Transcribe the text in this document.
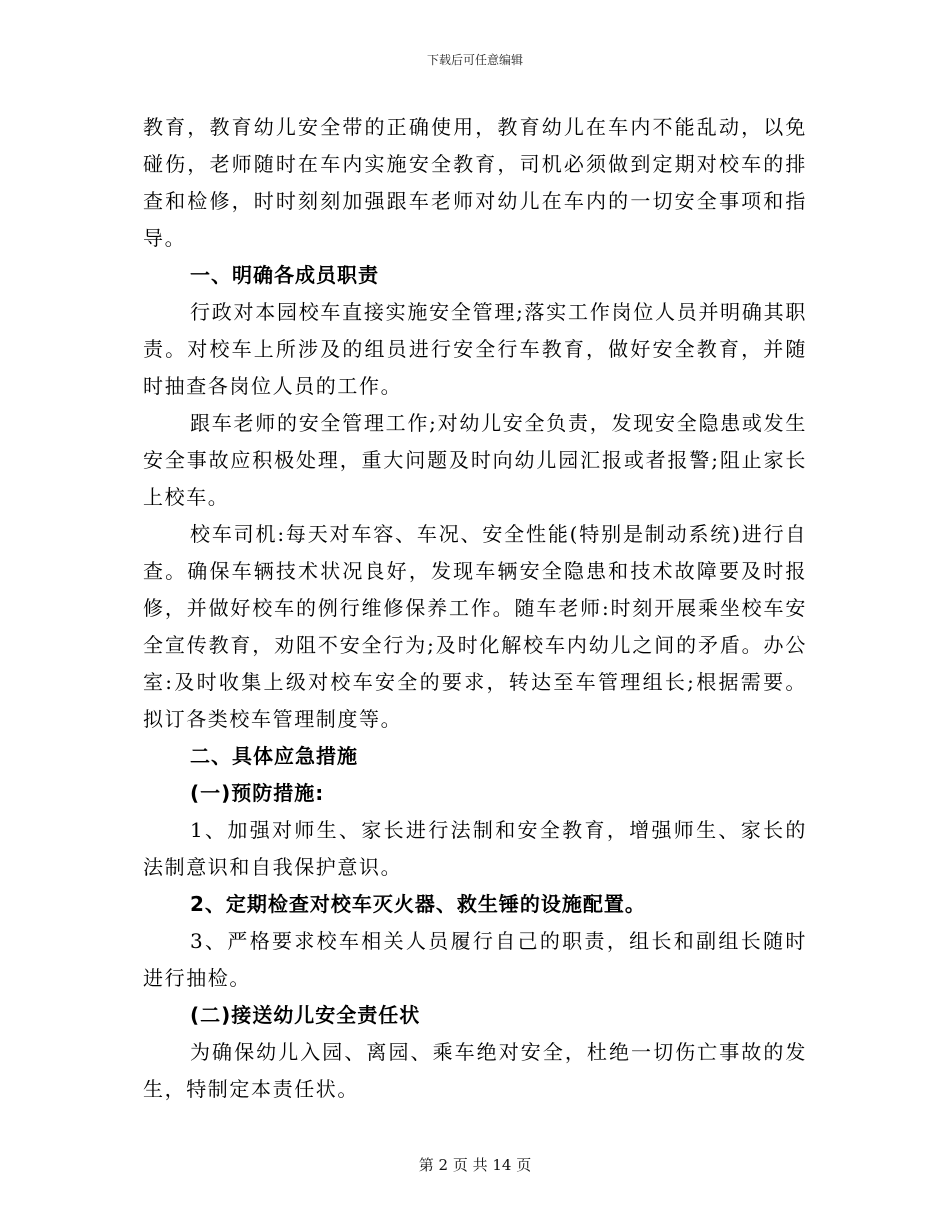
下载后可任意编辑

教育，教育幼儿安全带的正确使用，教育幼儿在车内不能乱动，以免碰伤，老师随时在车内实施安全教育，司机必须做到定期对校车的排查和检修，时时刻刻加强跟车老师对幼儿在车内的一切安全事项和指导。

一、明确各成员职责

行政对本园校车直接实施安全管理;落实工作岗位人员并明确其职责。对校车上所涉及的组员进行安全行车教育，做好安全教育，并随时抽查各岗位人员的工作。

跟车老师的安全管理工作;对幼儿安全负责，发现安全隐患或发生安全事故应积极处理，重大问题及时向幼儿园汇报或者报警;阻止家长上校车。

校车司机:每天对车容、车况、安全性能(特别是制动系统)进行自查。确保车辆技术状况良好，发现车辆安全隐患和技术故障要及时报修，并做好校车的例行维修保养工作。随车老师:时刻开展乘坐校车安全宣传教育，劝阻不安全行为;及时化解校车内幼儿之间的矛盾。办公室:及时收集上级对校车安全的要求，转达至车管理组长;根据需要。拟订各类校车管理制度等。

二、具体应急措施

(一)预防措施:

1、加强对师生、家长进行法制和安全教育，增强师生、家长的法制意识和自我保护意识。

2、定期检查对校车灭火器、救生锤的设施配置。

3、严格要求校车相关人员履行自己的职责，组长和副组长随时进行抽检。

(二)接送幼儿安全责任状

为确保幼儿入园、离园、乘车绝对安全，杜绝一切伤亡事故的发生，特制定本责任状。

第 2 页 共 14 页
